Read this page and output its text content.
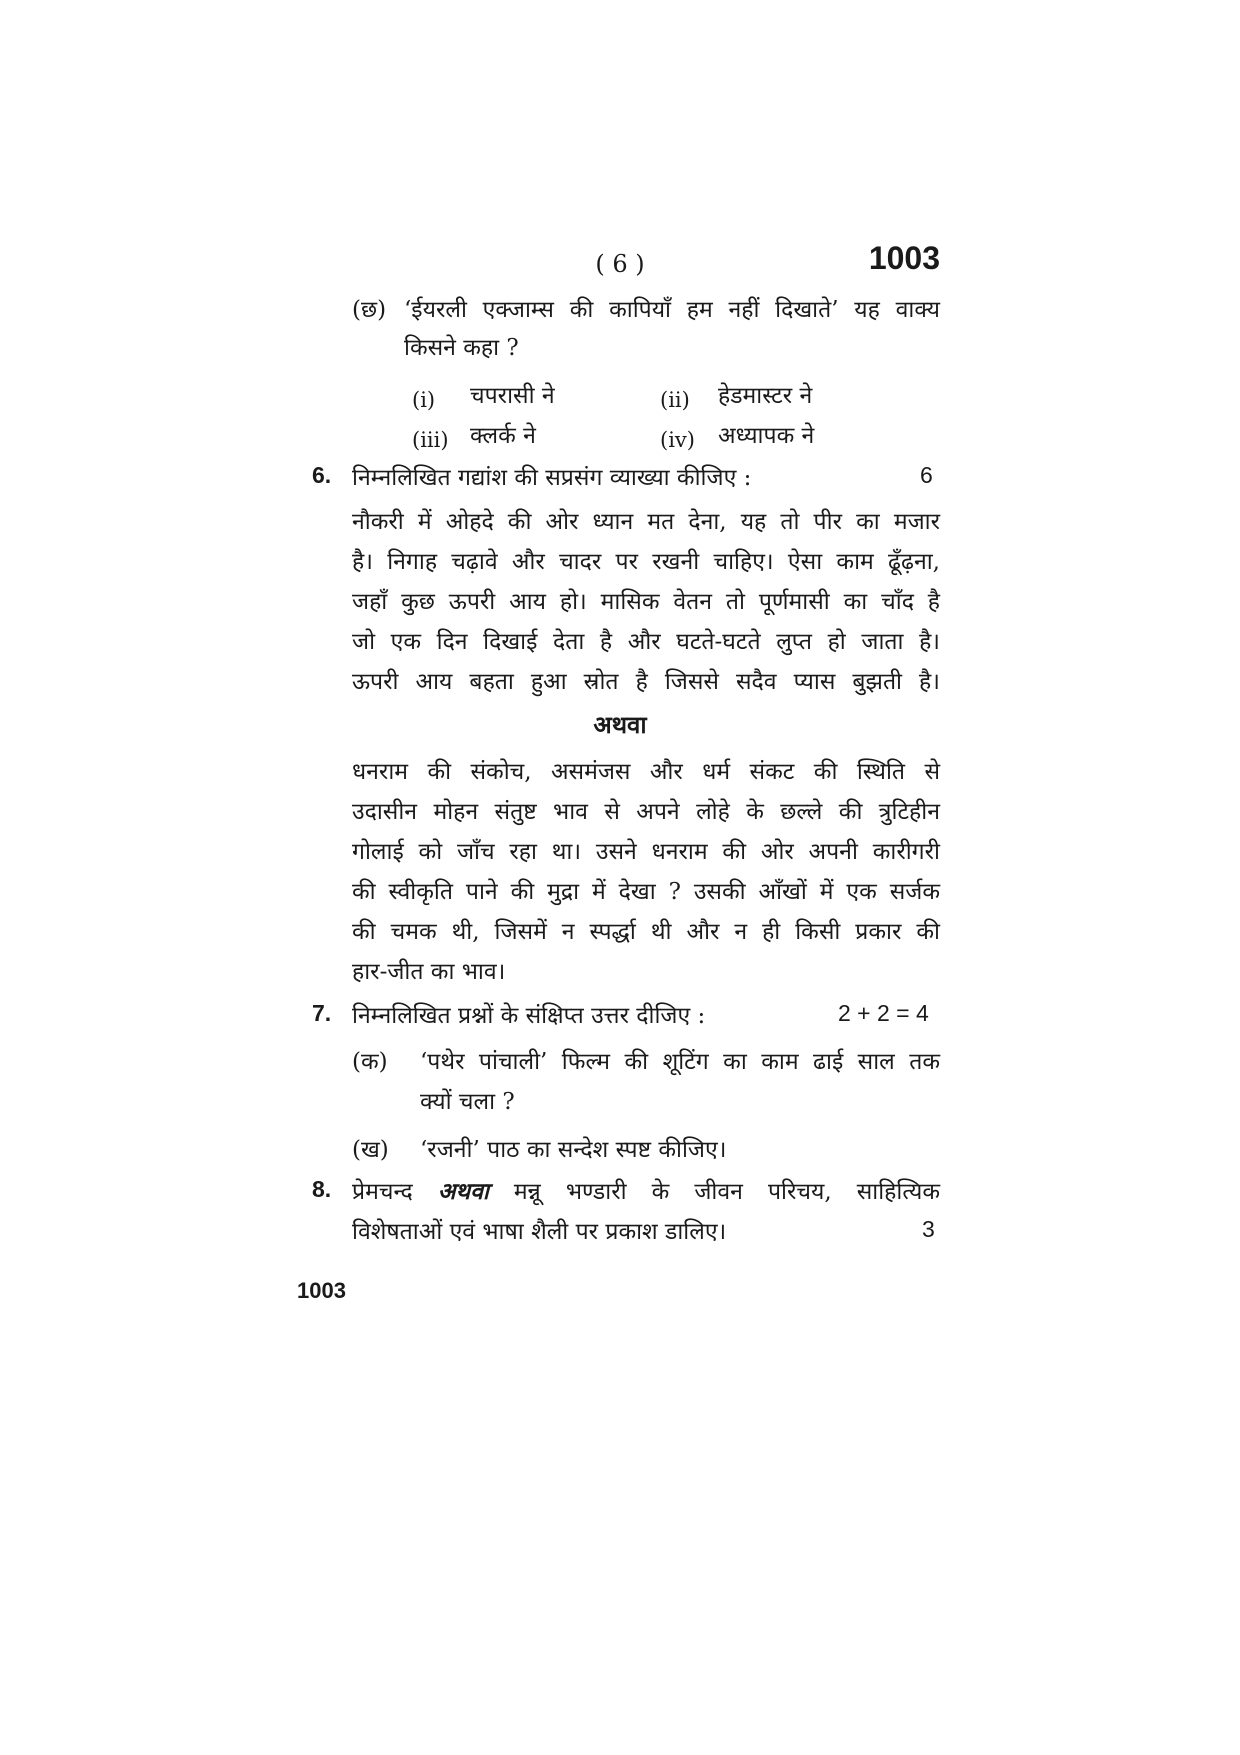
( 6 )	1003
(छ) ‘ईयरली एक्जाम्स की कापियाँ हम नहीं दिखाते’ यह वाक्य
किसने कहा ?
(i) चपरासी ने	(ii) हेडमास्टर ने
(iii) क्लर्क ने	(iv) अध्यापक ने
6. निम्नलिखित गद्यांश की सप्रसंग व्याख्या कीजिए :	6
नौकरी में ओहदे की ओर ध्यान मत देना, यह तो पीर का मजार
है। निगाह चढ़ावे और चादर पर रखनी चाहिए। ऐसा काम ढूँढ़ना,
जहाँ कुछ ऊपरी आय हो। मासिक वेतन तो पूर्णमासी का चाँद है
जो एक दिन दिखाई देता है और घटते-घटते लुप्त हो जाता है।
ऊपरी आय बहता हुआ स्रोत है जिससे सदैव प्यास बुझती है।
अथवा
धनराम की संकोच, असमंजस और धर्म संकट की स्थिति से
उदासीन मोहन संतुष्ट भाव से अपने लोहे के छल्ले की त्रुटिहीन
गोलाई को जाँच रहा था। उसने धनराम की ओर अपनी कारीगरी
की स्वीकृति पाने की मुद्रा में देखा ? उसकी आँखों में एक सर्जक
की चमक थी, जिसमें न स्पर्द्धा थी और न ही किसी प्रकार की
हार-जीत का भाव।
7. निम्नलिखित प्रश्नों के संक्षिप्त उत्तर दीजिए :	2 + 2 = 4
(क) ‘पथेर पांचाली’ फिल्म की शूटिंग का काम ढाई साल तक
क्यों चला ?
(ख) ‘रजनी’ पाठ का सन्देश स्पष्ट कीजिए।
8. प्रेमचन्द अथवा मन्नू भण्डारी के जीवन परिचय, साहित्यिक
विशेषताओं एवं भाषा शैली पर प्रकाश डालिए।	3
1003
